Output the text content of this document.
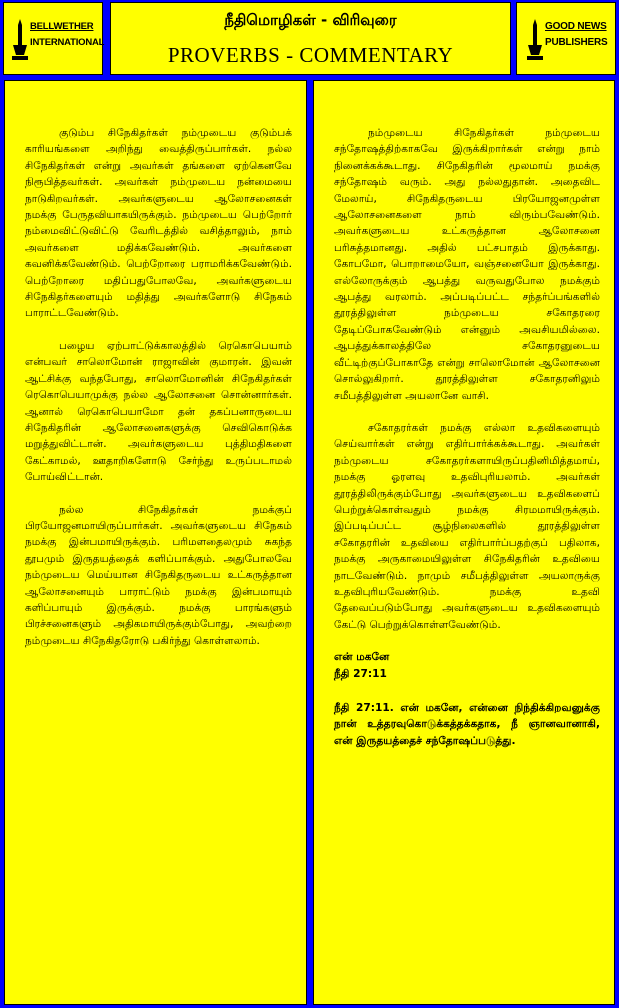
BELLWETHER
INTERNATIONAL
நீதிமொழிகள் - விரிவுரை
PROVERBS - COMMENTARY
GOOD NEWS
PUBLISHERS

குடும்ப சிநேகிதர்கள் நம்முடைய குடும்பக் காரியங்களை அறிந்து வைத்திருப்பார்கள். நல்ல சிநேகிதர்கள் என்று அவர்கள் தங்களை ஏற்கெனவே நிரூபித்தவர்கள். அவர்கள் நம்முடைய நன்மையை நாடுகிறவர்கள். அவர்களுடைய ஆலோசனைகள் நமக்கு பேருதவியாகயிருக்கும். நம்முடைய பெற்றோர் நம்மைவிட்டுவிட்டு வேரிடத்தில் வசித்தாலும், நாம் அவர்களை மதிக்கவேண்டும். அவர்களை கவனிக்கவேண்டும். பெற்றோரை பராமரிக்கவேண்டும். பெற்றோரை மதிப்பதுபோலவே, அவர்களுடைய சிநேகிதர்களையும் மதித்து அவர்களோடு சிநேகம் பாராட்டவேண்டும்.

பழைய ஏற்பாட்டுக்காலத்தில் ரெகொபெயாம் என்பவர் சாலொமோன் ராஜாவின் குமாரன். இவன் ஆட்சிக்கு வந்தபோது, சாலொமோனின் சிநேகிதர்கள் ரெகொபெயாமுக்கு நல்ல ஆலோசனை சொன்னார்கள். ஆனால் ரெகொபெயாமோ தன் தகப்பனாருடைய சிநேகிதரின் ஆலோசனைகளுக்கு செவிகொடுக்க மறுத்துவிட்டான். அவர்களுடைய புத்திமதிகளை கேட்காமல், ஊதாறிகளோடு சேர்ந்து உருப்படாமல் போய்விட்டான்.

நல்ல சிநேகிதர்கள் நமக்குப் பிரயோஜனமாயிருப்பார்கள். அவர்களுடைய சிநேகம் நமக்கு இன்பமாயிருக்கும். பரிமளதைலமும் சுகந்த தூபமும் இருதயத்தைக் களிப்பாக்கும். அதுபோலவே நம்முடைய மெய்யான சிநேகிதருடைய உட்கருத்தான ஆலோசனையும் பாராட்டும் நமக்கு இன்பமாயும் களிப்பாயும் இருக்கும். நமக்கு பாரங்களும் பிரச்சனைகளும் அதிகமாயிருக்கும்போது, அவற்றை நம்முடைய சிநேகிதரோடு பகிர்ந்து கொள்ளலாம்.

நம்முடைய சிநேகிதர்கள் நம்முடைய சந்தோஷத்திற்காகவே இருக்கிறார்கள் என்று நாம் நினைக்கக்கூடாது. சிநேகிதரின் மூலமாய் நமக்கு சந்தோஷம் வரும். அது நல்லதுதான். அதைவிட மேலாய், சிநேகிதருடைய பிரயோஜனமுள்ள ஆலோசனைகளை நாம் விரும்பவேண்டும். அவர்களுடைய உட்கருத்தான ஆலோசனை பரிசுத்தமானது. அதில் பட்சபாதம் இருக்காது. கோபமோ, பொறாமையோ, வஞ்சனையோ இருக்காது. எல்லோருக்கும் ஆபத்து வருவதுபோல நமக்கும் ஆபத்து வரலாம். அப்படிப்பட்ட சந்தர்ப்பங்களில் தூரத்திலுள்ள நம்முடைய சகோதரரை தேடிப்போகவேண்டும் என்னும் அவசியமில்லை. ஆபத்துக்காலத்திலே சகோதரனுடைய வீட்டிற்குப்போகாதே என்று சாலொமோன் ஆலோசனை சொல்லுகிறார். தூரத்திலுள்ள சகோதரனிலும் சமீபத்திலுள்ள அயலானே வாசி.

சகோதரர்கள் நமக்கு எல்லா உதவிகளையும் செய்வார்கள் என்று எதிர்பார்க்கக்கூடாது. அவர்கள் நம்முடைய சகோதரர்களாயிருப்பதினிமித்தமாய், நமக்கு ஓரளவு உதவிபுரியலாம். அவர்கள் தூரத்திலிருக்கும்போது அவர்களுடைய உதவிகளைப் பெற்றுக்கொள்வதும் நமக்கு சிரமமாயிருக்கும். இப்படிப்பட்ட சூழ்நிலைகளில் தூரத்திலுள்ள சகோதரரின் உதவியை எதிர்பார்ப்பதற்குப் பதிலாக, நமக்கு அருகாமையிலுள்ள சிநேகிதரின் உதவியை நாடவேண்டும். நாமும் சமீபத்திலுள்ள அயலாருக்கு உதவிபுரியவேண்டும். நமக்கு உதவி தேவைப்படும்போது அவர்களுடைய உதவிகளையும் கேட்டு பெற்றுக்கொள்ளவேண்டும்.

என் மகனே

நீதி 27:11

நீதி 27:11. என் மகனே, என்னை நிந்திக்கிறவனுக்கு நான் உத்தரவுகொடுக்கத்தக்கதாக, நீ ஞானவானாகி, என் இருதயத்தைச் சந்தோஷப்படுத்து.
